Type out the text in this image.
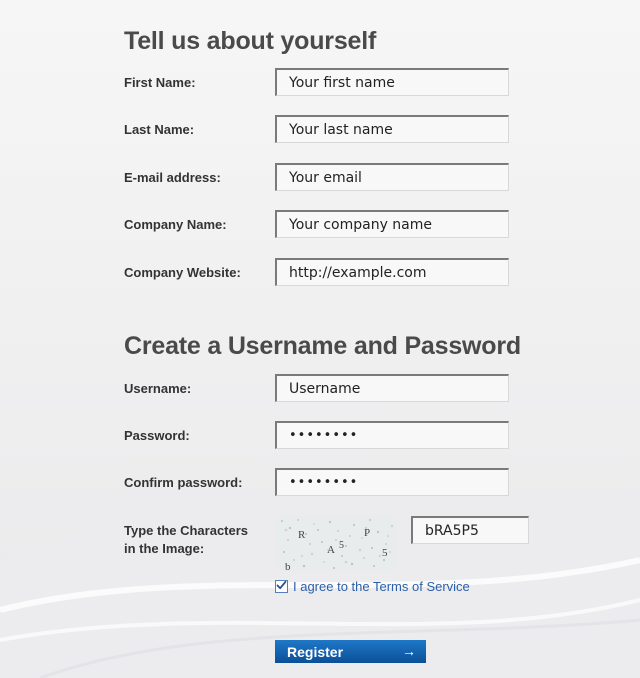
Tell us about yourself
First Name:
Your first name
Last Name:
Your last name
E-mail address:
Your email
Company Name:
Your company name
Company Website:
http://example.com
Create a Username and Password
Username:
Username
Password:
••••••••
Confirm password:
••••••••
Type the Characters
in the Image:
R
A 5
P
5
b
bRA5P5
I agree to the Terms of Service
Register	→
